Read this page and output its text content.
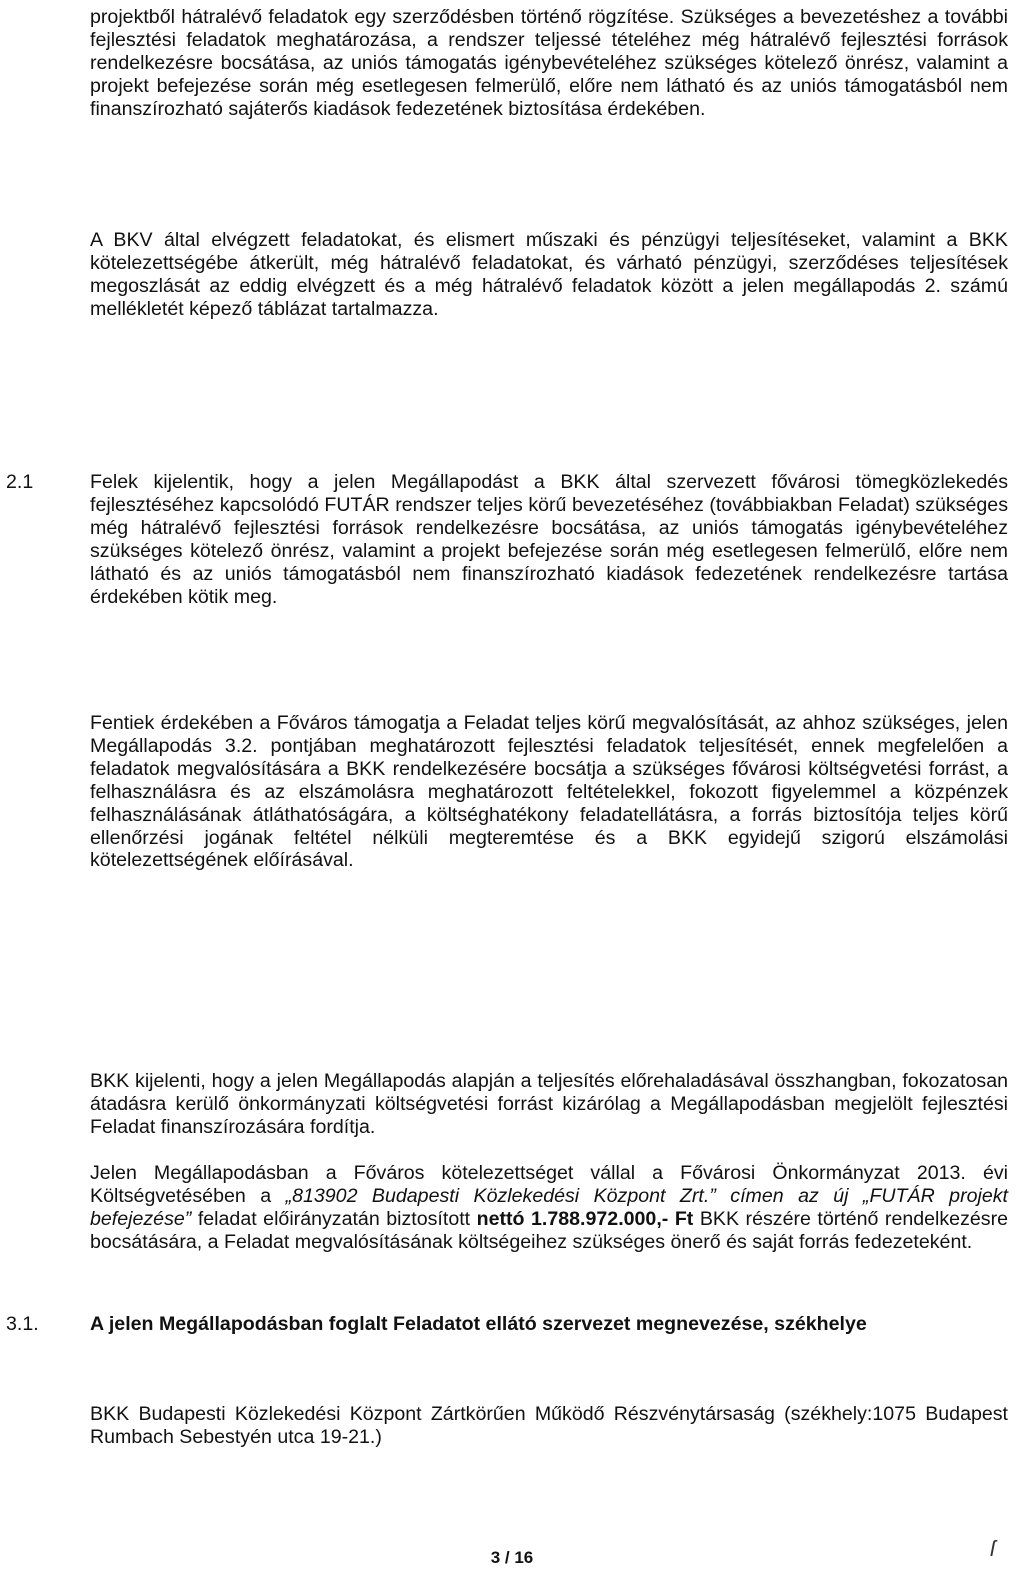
projektből hátralévő feladatok egy szerződésben történő rögzítése. Szükséges a bevezetéshez a további fejlesztési feladatok meghatározása, a rendszer teljessé tételéhez még hátralévő fejlesztési források rendelkezésre bocsátása, az uniós támogatás igénybevételéhez szükséges kötelező önrész, valamint a projekt befejezése során még esetlegesen felmerülő, előre nem látható és az uniós támogatásból nem finanszírozható sajáterős kiadások fedezetének biztosítása érdekében.

A BKV által elvégzett feladatokat, és elismert műszaki és pénzügyi teljesítéseket, valamint a BKK kötelezettségébe átkerült, még hátralévő feladatokat, és várható pénzügyi, szerződéses teljesítések megoszlását az eddig elvégzett és a még hátralévő feladatok között a jelen megállapodás 2. számú mellékletét képező táblázat tartalmazza.

2.1	Felek kijelentik, hogy a jelen Megállapodást a BKK által szervezett fővárosi tömegközlekedés fejlesztéséhez kapcsolódó FUTÁR rendszer teljes körű bevezetéséhez (továbbiakban Feladat) szükséges még hátralévő fejlesztési források rendelkezésre bocsátása, az uniós támogatás igénybevételéhez szükséges kötelező önrész, valamint a projekt befejezése során még esetlegesen felmerülő, előre nem látható és az uniós támogatásból nem finanszírozható kiadások fedezetének rendelkezésre tartása érdekében kötik meg.

Fentiek érdekében a Főváros támogatja a Feladat teljes körű megvalósítását, az ahhoz szükséges, jelen Megállapodás 3.2. pontjában meghatározott fejlesztési feladatok teljesítését, ennek megfelelően a feladatok megvalósítására a BKK rendelkezésére bocsátja a szükséges fővárosi költségvetési forrást, a felhasználásra és az elszámolásra meghatározott feltételekkel, fokozott figyelemmel a közpénzek felhasználásának átláthatóságára, a költséghatékony feladatellátásra, a forrás biztosítója teljes körű ellenőrzési jogának feltétel nélküli megteremtése és a BKK egyidejű szigorú elszámolási kötelezettségének előírásával.

BKK kijelenti, hogy a jelen Megállapodás alapján a teljesítés előrehaladásával összhangban, fokozatosan átadásra kerülő önkormányzati költségvetési forrást kizárólag a Megállapodásban megjelölt fejlesztési Feladat finanszírozására fordítja.

Jelen Megállapodásban a Főváros kötelezettséget vállal a Fővárosi Önkormányzat 2013. évi Költségvetésében a „813902 Budapesti Közlekedési Központ Zrt.” címen az új „FUTÁR projekt befejezése” feladat előirányzatán biztosított nettó 1.788.972.000,- Ft BKK részére történő rendelkezésre bocsátására, a Feladat megvalósításának költségeihez szükséges önerő és saját forrás fedezeteként.

3.1.	A jelen Megállapodásban foglalt Feladatot ellátó szervezet megnevezése, székhelye

BKK Budapesti Közlekedési Központ Zártkörűen Működő Részvénytársaság (székhely:1075 Budapest Rumbach Sebestyén utca 19-21.)

3 / 16	ſ
